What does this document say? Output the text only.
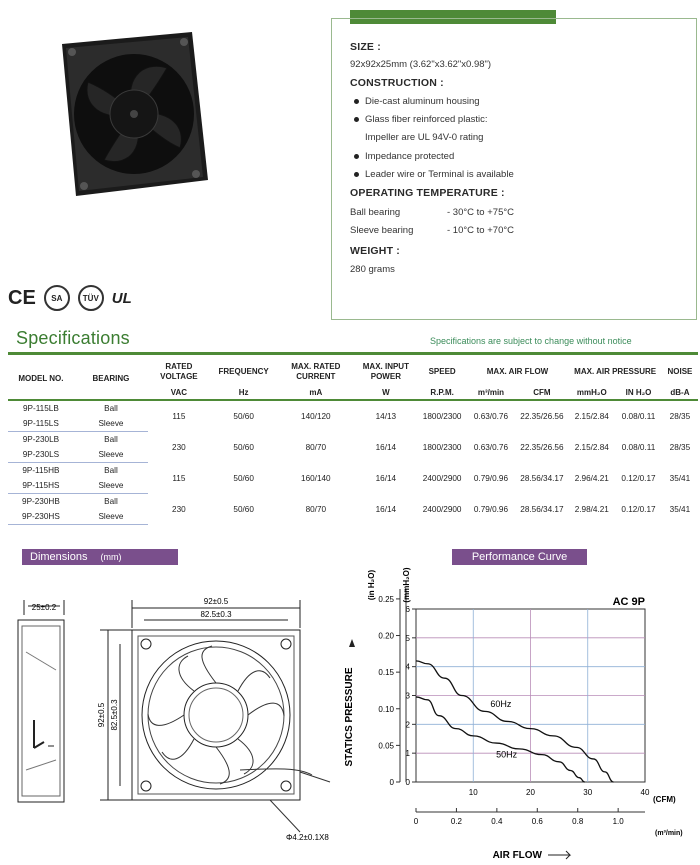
C E	SA	TÜV UL
SIZE :
92x92x25mm (3.62"x3.62"x0.98")
CONSTRUCTION :
Die-cast aluminum housing
Glass fiber reinforced plastic:
Impeller are UL 94V-0 rating
Impedance protected
Leader wire or Terminal is available
OPERATING TEMPERATURE :
Ball bearing	- 30°C to +75°C
Sleeve bearing	- 10°C to +70°C
WEIGHT :
280 grams
Specifications	Specifications are subject to change without notice
MODEL NO.	BEARING	RATED VOLTAGE	FREQUENCY	MAX. RATED CURRENT	MAX. INPUT POWER	SPEED	MAX. AIR FLOW		MAX. AIR PRESSURE		NOISE
		VAC	Hz	mA	W	R.P.M.	m³/min	CFM	mmH₂O	IN H₂O	dB-A
9P-115LB	Ball	115	50/60	140/120	14/13	1800/2300	0.63/0.76	22.35/26.56	2.15/2.84	0.08/0.11	28/35
9P-115LS	Sleeve										
9P-230LB	Ball	230	50/60	80/70	16/14	1800/2300	0.63/0.76	22.35/26.56	2.15/2.84	0.08/0.11	28/35
9P-230LS	Sleeve										
9P-115HB	Ball	115	50/60	160/140	16/14	2400/2900	0.79/0.96	28.56/34.17	2.96/4.21	0.12/0.17	35/41
9P-115HS	Sleeve										
9P-230HB	Ball	230	50/60	80/70	16/14	2400/2900	0.79/0.96	28.56/34.17	2.98/4.21	0.12/0.17	35/41
9P-230HS	Sleeve										
Dimensions (mm)
25±0.2
92±0.5
82.5±0.3
92±0.5 82.5±0.3
Φ4.2±0.1X8
Performance Curve
0
1
2
3
4
5
6
0
0.05
0.10
0.15
0.20
0.25
10	20	30	40
0	0.2	0.4	0.6	0.8	1.0
60Hz
50Hz
AC 9P
(in H₂O)	(mmH₂O)
STATICS PRESSURE
(CFM)
(m³/min)
AIR FLOW
